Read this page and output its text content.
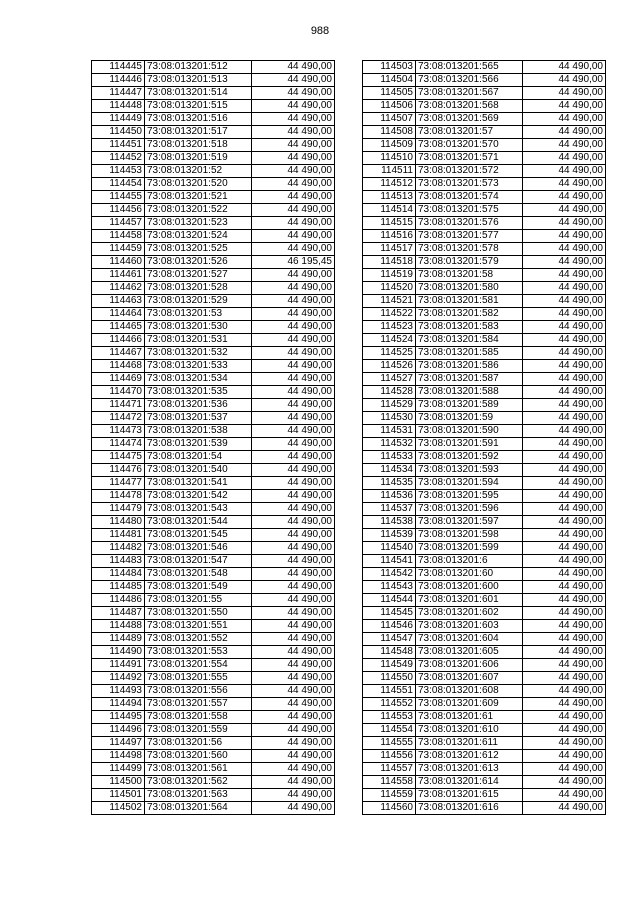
988
114445	73:08:013201:512	44 490,00
114446	73:08:013201:513	44 490,00
114447	73:08:013201:514	44 490,00
114448	73:08:013201:515	44 490,00
114449	73:08:013201:516	44 490,00
114450	73:08:013201:517	44 490,00
114451	73:08:013201:518	44 490,00
114452	73:08:013201:519	44 490,00
114453	73:08:013201:52	44 490,00
114454	73:08:013201:520	44 490,00
114455	73:08:013201:521	44 490,00
114456	73:08:013201:522	44 490,00
114457	73:08:013201:523	44 490,00
114458	73:08:013201:524	44 490,00
114459	73:08:013201:525	44 490,00
114460	73:08:013201:526	46 195,45
114461	73:08:013201:527	44 490,00
114462	73:08:013201:528	44 490,00
114463	73:08:013201:529	44 490,00
114464	73:08:013201:53	44 490,00
114465	73:08:013201:530	44 490,00
114466	73:08:013201:531	44 490,00
114467	73:08:013201:532	44 490,00
114468	73:08:013201:533	44 490,00
114469	73:08:013201:534	44 490,00
114470	73:08:013201:535	44 490,00
114471	73:08:013201:536	44 490,00
114472	73:08:013201:537	44 490,00
114473	73:08:013201:538	44 490,00
114474	73:08:013201:539	44 490,00
114475	73:08:013201:54	44 490,00
114476	73:08:013201:540	44 490,00
114477	73:08:013201:541	44 490,00
114478	73:08:013201:542	44 490,00
114479	73:08:013201:543	44 490,00
114480	73:08:013201:544	44 490,00
114481	73:08:013201:545	44 490,00
114482	73:08:013201:546	44 490,00
114483	73:08:013201:547	44 490,00
114484	73:08:013201:548	44 490,00
114485	73:08:013201:549	44 490,00
114486	73:08:013201:55	44 490,00
114487	73:08:013201:550	44 490,00
114488	73:08:013201:551	44 490,00
114489	73:08:013201:552	44 490,00
114490	73:08:013201:553	44 490,00
114491	73:08:013201:554	44 490,00
114492	73:08:013201:555	44 490,00
114493	73:08:013201:556	44 490,00
114494	73:08:013201:557	44 490,00
114495	73:08:013201:558	44 490,00
114496	73:08:013201:559	44 490,00
114497	73:08:013201:56	44 490,00
114498	73:08:013201:560	44 490,00
114499	73:08:013201:561	44 490,00
114500	73:08:013201:562	44 490,00
114501	73:08:013201:563	44 490,00
114502	73:08:013201:564	44 490,00
114503	73:08:013201:565	44 490,00
114504	73:08:013201:566	44 490,00
114505	73:08:013201:567	44 490,00
114506	73:08:013201:568	44 490,00
114507	73:08:013201:569	44 490,00
114508	73:08:013201:57	44 490,00
114509	73:08:013201:570	44 490,00
114510	73:08:013201:571	44 490,00
114511	73:08:013201:572	44 490,00
114512	73:08:013201:573	44 490,00
114513	73:08:013201:574	44 490,00
114514	73:08:013201:575	44 490,00
114515	73:08:013201:576	44 490,00
114516	73:08:013201:577	44 490,00
114517	73:08:013201:578	44 490,00
114518	73:08:013201:579	44 490,00
114519	73:08:013201:58	44 490,00
114520	73:08:013201:580	44 490,00
114521	73:08:013201:581	44 490,00
114522	73:08:013201:582	44 490,00
114523	73:08:013201:583	44 490,00
114524	73:08:013201:584	44 490,00
114525	73:08:013201:585	44 490,00
114526	73:08:013201:586	44 490,00
114527	73:08:013201:587	44 490,00
114528	73:08:013201:588	44 490,00
114529	73:08:013201:589	44 490,00
114530	73:08:013201:59	44 490,00
114531	73:08:013201:590	44 490,00
114532	73:08:013201:591	44 490,00
114533	73:08:013201:592	44 490,00
114534	73:08:013201:593	44 490,00
114535	73:08:013201:594	44 490,00
114536	73:08:013201:595	44 490,00
114537	73:08:013201:596	44 490,00
114538	73:08:013201:597	44 490,00
114539	73:08:013201:598	44 490,00
114540	73:08:013201:599	44 490,00
114541	73:08:013201:6	44 490,00
114542	73:08:013201:60	44 490,00
114543	73:08:013201:600	44 490,00
114544	73:08:013201:601	44 490,00
114545	73:08:013201:602	44 490,00
114546	73:08:013201:603	44 490,00
114547	73:08:013201:604	44 490,00
114548	73:08:013201:605	44 490,00
114549	73:08:013201:606	44 490,00
114550	73:08:013201:607	44 490,00
114551	73:08:013201:608	44 490,00
114552	73:08:013201:609	44 490,00
114553	73:08:013201:61	44 490,00
114554	73:08:013201:610	44 490,00
114555	73:08:013201:611	44 490,00
114556	73:08:013201:612	44 490,00
114557	73:08:013201:613	44 490,00
114558	73:08:013201:614	44 490,00
114559	73:08:013201:615	44 490,00
114560	73:08:013201:616	44 490,00
